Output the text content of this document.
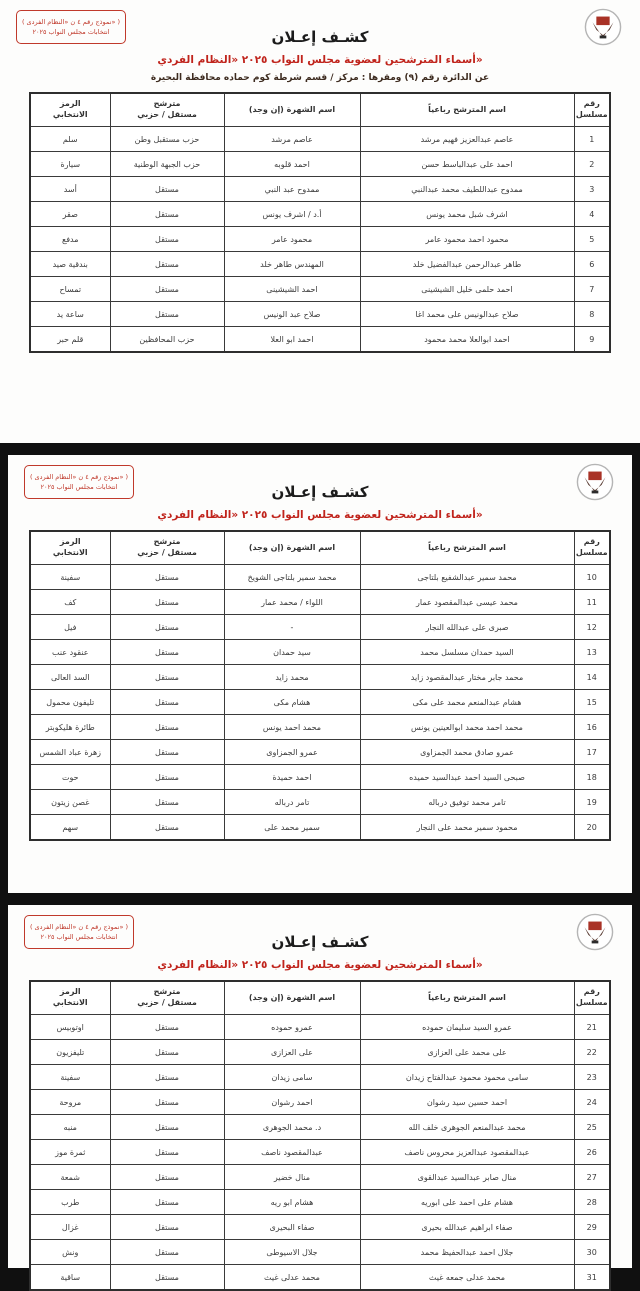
( نموذج رقم ٤ ن «النظام الفردى» )
انتخابات مجلس النواب ٢٠٢٥	كشـف إعـلان
أسماء المترشحين لعضوية مجلس النواب ٢٠٢٥ «النظام الفردي»
عن الدائرة رقم (٩) ومقرها : مركز / قسم شرطة كوم حماده محافظة البحيرة
رقم
مسلسل	اسم المترشح رباعياً	اسم الشهرة (إن وجد)	مترشح
مستقل / حزبي	الرمز
الانتخابي
1	عاصم عبدالعزيز فهيم مرشد	عاصم مرشد	حزب مستقبل وطن	سلم
2	احمد على عبدالباسط حسن	احمد قلوبه	حزب الجبهة الوطنية	سيارة
3	ممدوح عبداللطيف محمد عبدالنبي	ممدوح عبد النبي	مستقل	أسد
4	اشرف شبل محمد يونس	أ.د / اشرف يونس	مستقل	صقر
5	محمود احمد محمود عامر	محمود عامر	مستقل	مدفع
6	طاهر عبدالرحمن عبدالفضيل خلد	المهندس طاهر خلد	مستقل	بندقية صيد
7	احمد حلمى خليل الشيشينى	احمد الشيشينى	مستقل	تمساح
8	صلاح عبدالونيس على محمد اغا	صلاح عبد الونيس	مستقل	ساعة يد
9	احمد ابوالعلا محمد محمود	احمد ابو العلا	حزب المحافظين	قلم حبر
( نموذج رقم ٤ ن «النظام الفردى» )
انتخابات مجلس النواب ٢٠٢٥	كشـف إعـلان
أسماء المترشحين لعضوية مجلس النواب ٢٠٢٥ «النظام الفردي»
رقم
مسلسل	اسم المترشح رباعياً	اسم الشهرة (إن وجد)	مترشح
مستقل / حزبي	الرمز
الانتخابي
10	محمد سمير عبدالشفيع بلتاجى	محمد سمير بلتاجى الشويخ	مستقل	سفينة
11	محمد عيسى عبدالمقصود عمار	اللواء / محمد عمار	مستقل	كف
12	صبرى على عبدالله النجار	-	مستقل	فيل
13	السيد حمدان مسلسل محمد	سيد حمدان	مستقل	عنقود عنب
14	محمد جابر مختار عبدالمقصود زايد	محمد زايد	مستقل	السد العالى
15	هشام عبدالمنعم محمد على مكى	هشام مكى	مستقل	تليفون محمول
16	محمد احمد محمد ابوالعينين يونس	محمد احمد يونس	مستقل	طائرة هليكوبتر
17	عمرو صادق محمد الجمزاوى	عمرو الجمزاوى	مستقل	زهرة عباد الشمس
18	صبحى السيد احمد عبدالسيد حميده	احمد حميدة	مستقل	حوت
19	تامر محمد توفيق درباله	تامر درباله	مستقل	غصن زيتون
20	محمود سمير محمد على النجار	سمير محمد على	مستقل	سهم
( نموذج رقم ٤ ن «النظام الفردى» )
انتخابات مجلس النواب ٢٠٢٥	كشـف إعـلان
أسماء المترشحين لعضوية مجلس النواب ٢٠٢٥ «النظام الفردي»
رقم
مسلسل	اسم المترشح رباعياً	اسم الشهرة (إن وجد)	مترشح
مستقل / حزبي	الرمز
الانتخابي
21	عمرو السيد سليمان حموده	عمرو حموده	مستقل	اوتوبيس
22	على محمد على العزازى	على العزازى	مستقل	تليفزيون
23	سامى محمود محمود عبدالفتاح زيدان	سامى زيدان	مستقل	سفينة
24	احمد حسين سيد رشوان	احمد رشوان	مستقل	مروحة
25	محمد عبدالمنعم الجوهرى خلف الله	د. محمد الجوهرى	مستقل	منبه
26	عبدالمقصود عبدالعزيز محروس ناصف	عبدالمقصود ناصف	مستقل	ثمرة موز
27	منال صابر عبدالسيد عبدالقوى	منال خضير	مستقل	شمعة
28	هشام على احمد على ابوريه	هشام ابو ريه	مستقل	طرب
29	صفاء ابراهيم عبدالله بحيرى	صفاء البحيرى	مستقل	غزال
30	جلال احمد عبدالحفيظ محمد	جلال الاسيوطى	مستقل	ونش
31	محمد عدلى جمعه غيث	محمد عدلى غيث	مستقل	ساقية
